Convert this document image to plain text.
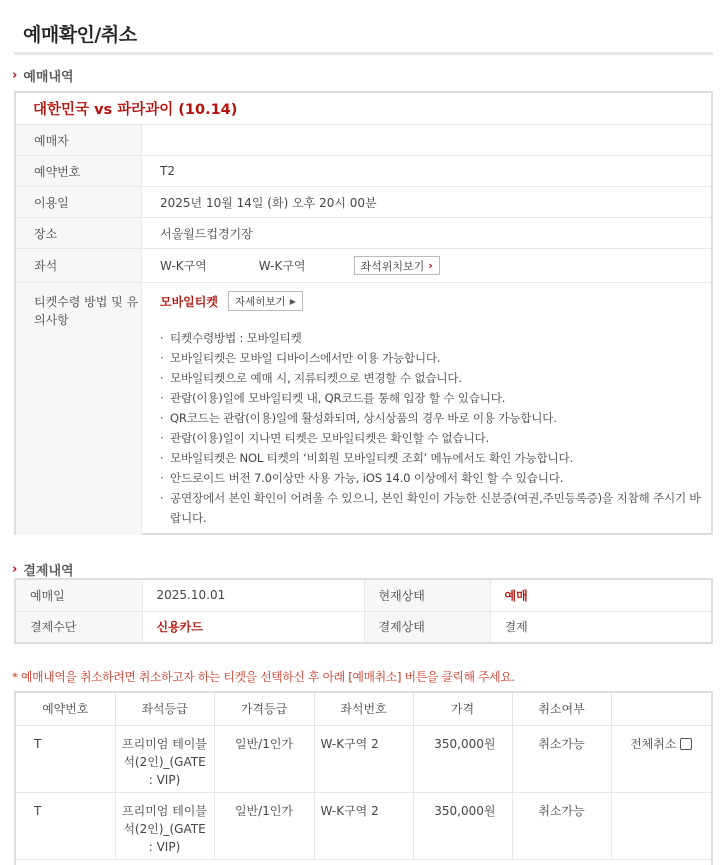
예매확인/취소
› 예매내역
대한민국 vs 파라과이 (10.14)
예매자
예약번호	T2
이용일	2025년 10월 14일 (화) 오후 20시 00분
장소	서울월드컵경기장
좌석	W-K구역	W-K구역	좌석위치보기 ›
티켓수령 방법 및 유의사항
모바일티켓 자세히보기 ▶
· 티켓수령방법 : 모바일티켓
· 모바일티켓은 모바일 디바이스에서만 이용 가능합니다.
· 모바일티켓으로 예매 시, 지류티켓으로 변경할 수 없습니다.
· 관람(이용)일에 모바일티켓 내, QR코드를 통해 입장 할 수 있습니다.
· QR코드는 관람(이용)일에 활성화되며, 상시상품의 경우 바로 이용 가능합니다.
· 관람(이용)일이 지나면 티켓은 모바일티켓은 확인할 수 없습니다.
· 모바일티켓은 NOL 티켓의 ‘비회원 모바일티켓 조회’ 메뉴에서도 확인 가능합니다.
· 안드로이드 버전 7.0이상만 사용 가능, iOS 14.0 이상에서 확인 할 수 있습니다.
· 공연장에서 본인 확인이 어려울 수 있으니, 본인 확인이 가능한 신분증(여권,주민등록증)을 지참해 주시기 바랍니다.
› 결제내역
예매일	2025.10.01	현재상태	예매
결제수단	신용카드	결제상태	결제
* 예매내역을 취소하려면 취소하고자 하는 티켓을 선택하신 후 아래 [예매취소] 버튼을 클릭해 주세요.
예약번호	좌석등급	가격등급	좌석번호	가격	취소여부	
T	프리미엄 테이블석(2인)_(GATE : VIP)	일반/1인가	W-K구역 2	350,000원	취소가능	전체취소

T	프리미엄 테이블석(2인)_(GATE : VIP)	일반/1인가	W-K구역 2	350,000원	취소가능	
